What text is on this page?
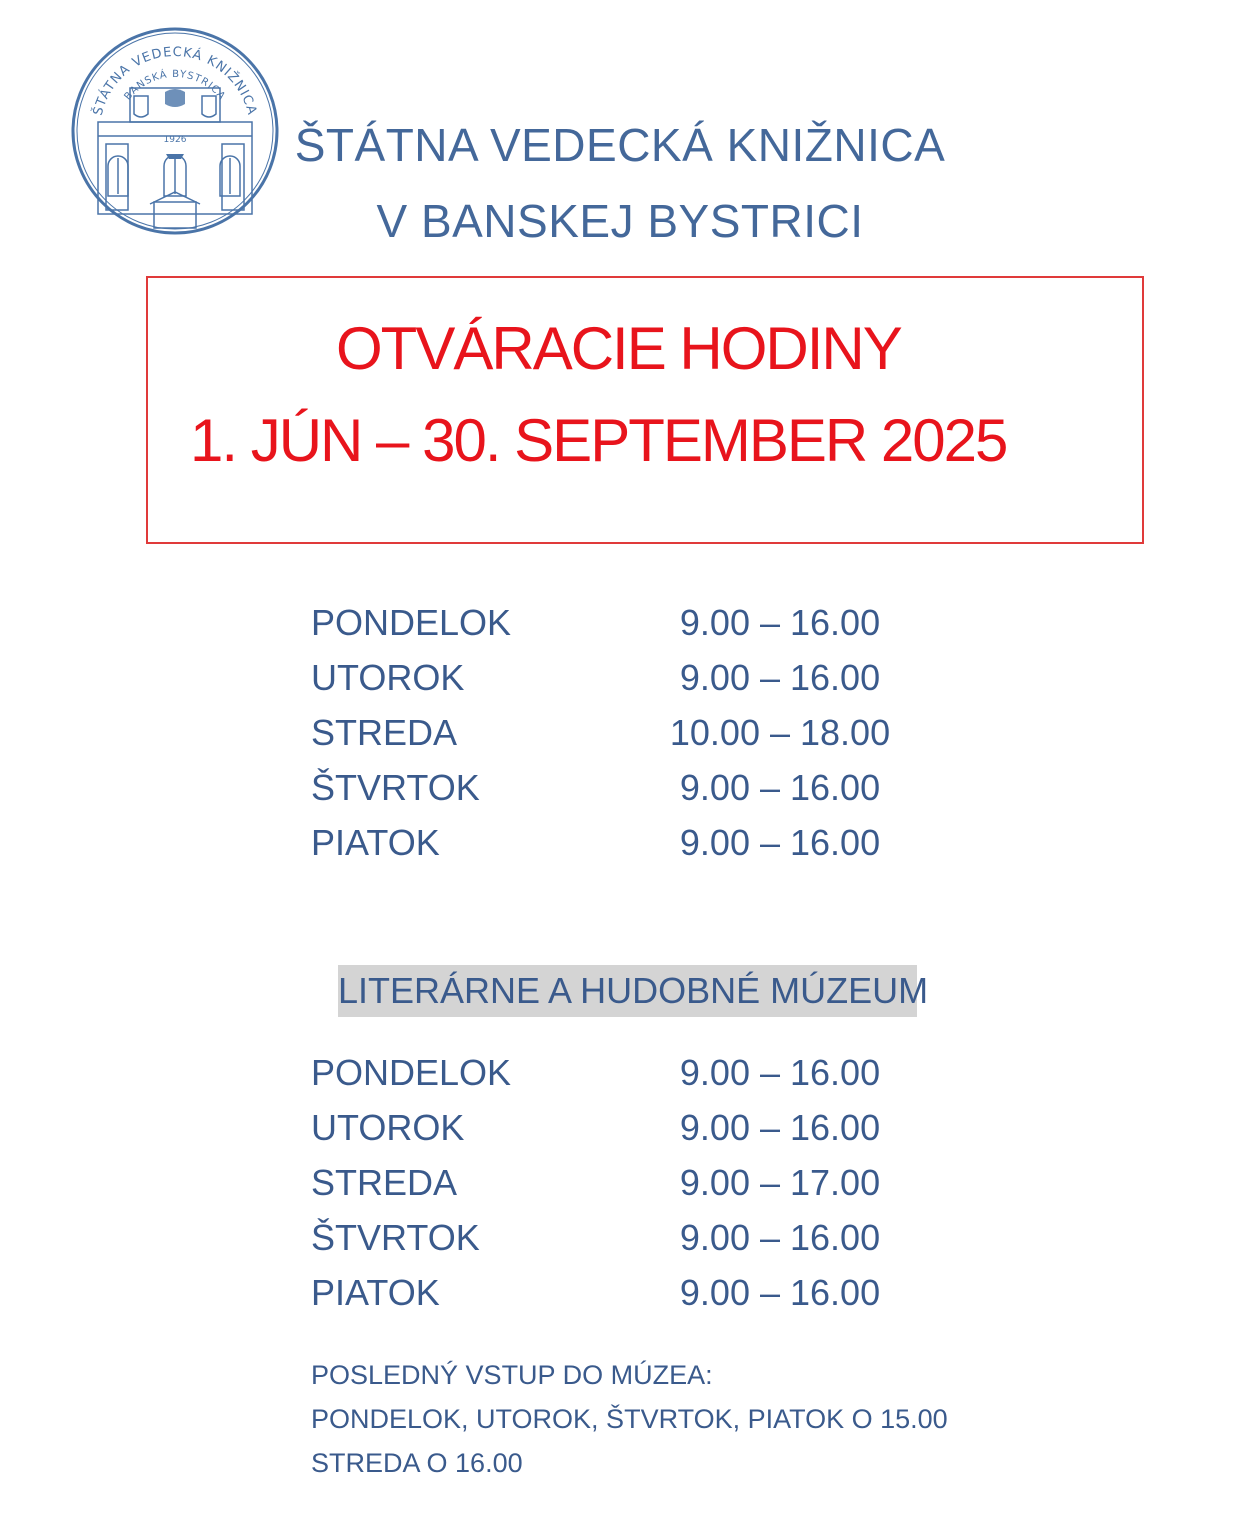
ŠTÁTNA VEDECKÁ KNIŽNICA
BANSKÁ BYSTRICA
1926	ŠTÁTNA VEDECKÁ KNIŽNICA
V BANSKEJ BYSTRICI
OTVÁRACIE HODINY
1. JÚN – 30. SEPTEMBER 2025
PONDELOK	9.00 – 16.00
UTOROK	9.00 – 16.00
STREDA	10.00 – 18.00
ŠTVRTOK	9.00 – 16.00
PIATOK	9.00 – 16.00
LITERÁRNE A HUDOBNÉ MÚZEUM
PONDELOK	9.00 – 16.00
UTOROK	9.00 – 16.00
STREDA	9.00 – 17.00
ŠTVRTOK	9.00 – 16.00
PIATOK	9.00 – 16.00
POSLEDNÝ VSTUP DO MÚZEA:
PONDELOK, UTOROK, ŠTVRTOK, PIATOK O 15.00
STREDA O 16.00
